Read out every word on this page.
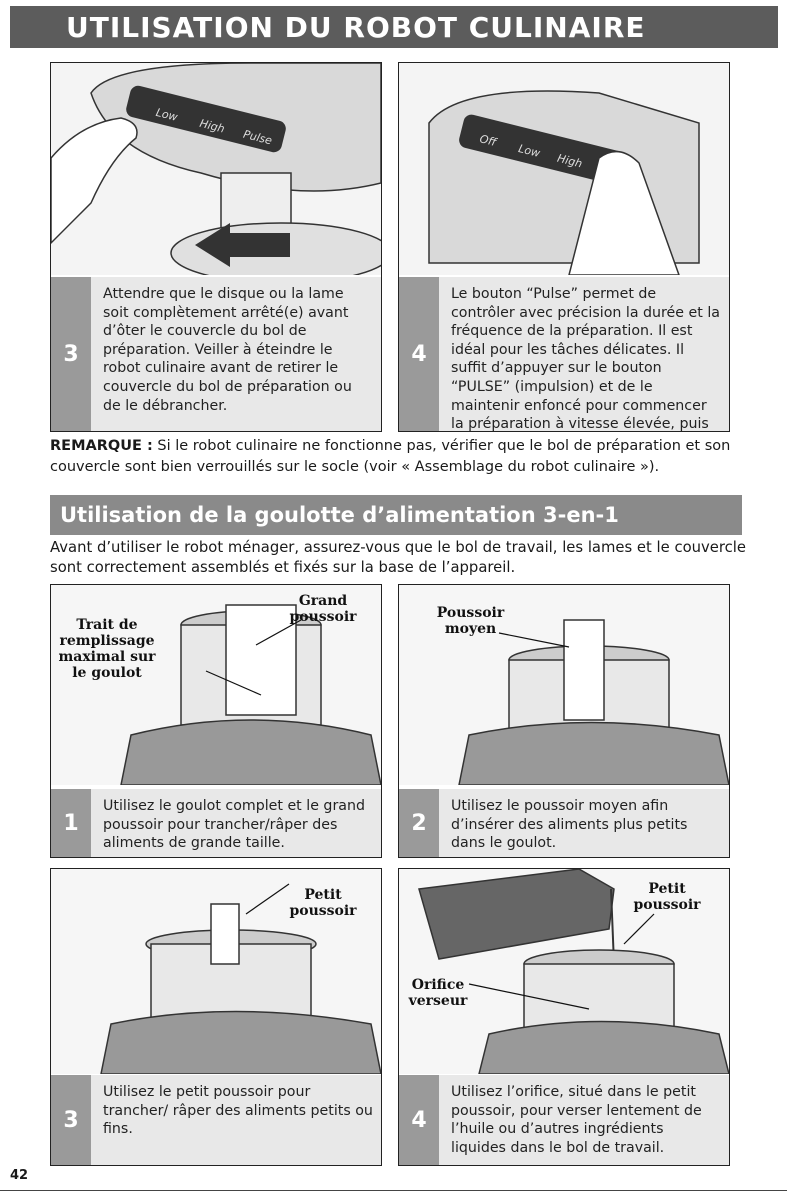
UTILISATION DU ROBOT CULINAIRE
Low
High
Pulse
3
Attendre que le disque ou la lame soit complètement arrêté(e) avant d’ôter le couvercle du bol de préparation. Veiller à éteindre le robot culinaire avant de retirer le couvercle du bol de préparation ou de le débrancher.
Off
Low
High
4
Le bouton “Pulse” permet de contrôler avec précision la durée et la fréquence de la préparation. Il est idéal pour les tâches délicates. Il suffit d’appuyer sur le bouton “PULSE” (impulsion) et de le maintenir enfoncé pour commencer la préparation à vitesse élevée, puis
REMARQUE : Si le robot culinaire ne fonctionne pas, vérifier que le bol de préparation et son couvercle sont bien verrouillés sur le socle (voir « Assemblage du robot culinaire »).
Utilisation de la goulotte d’alimentation 3-en-1
Avant d’utiliser le robot ménager, assurez-vous que le bol de travail, les lames et le couvercle sont correctement assemblés et fixés sur la base de l’appareil.
Grand poussoir
Trait de remplissage maximal sur le goulot
1
Utilisez le goulot complet et le grand poussoir pour trancher/râper des aliments de grande taille.
Poussoir moyen
2
Utilisez le poussoir moyen afin d’insérer des aliments plus petits dans le goulot.
Petit poussoir
3
Utilisez le petit poussoir pour trancher/ râper des aliments petits ou fins.
Petit poussoir
Orifice verseur
4
Utilisez l’orifice, situé dans le petit poussoir, pour verser lentement de l’huile ou d’autres ingrédients liquides dans le bol de travail.
42
